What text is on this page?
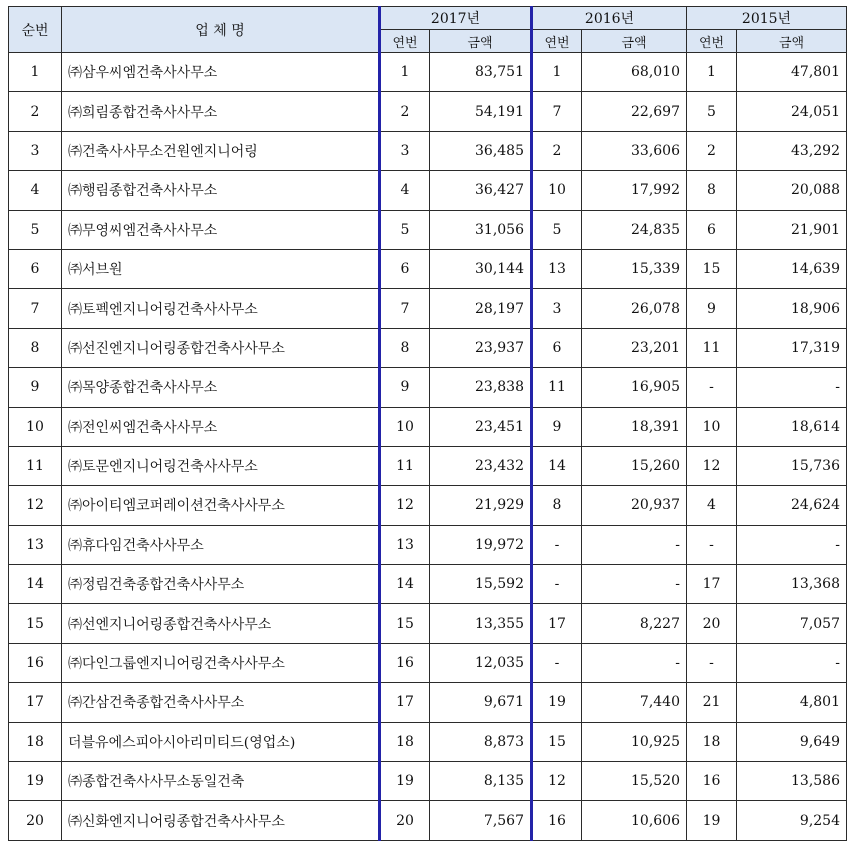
순번	업 체 명	2017년		2016년		2015년	
		연번	금액	연번	금액	연번	금액
1	㈜삼우씨엠건축사사무소	1	83,751	1	68,010	1	47,801
2	㈜희림종합건축사사무소	2	54,191	7	22,697	5	24,051
3	㈜건축사사무소건원엔지니어링	3	36,485	2	33,606	2	43,292
4	㈜행림종합건축사사무소	4	36,427	10	17,992	8	20,088
5	㈜무영씨엠건축사사무소	5	31,056	5	24,835	6	21,901
6	㈜서브원	6	30,144	13	15,339	15	14,639
7	㈜토펙엔지니어링건축사사무소	7	28,197	3	26,078	9	18,906
8	㈜선진엔지니어링종합건축사사무소	8	23,937	6	23,201	11	17,319
9	㈜목양종합건축사사무소	9	23,838	11	16,905	-	-
10	㈜전인씨엠건축사사무소	10	23,451	9	18,391	10	18,614
11	㈜토문엔지니어링건축사사무소	11	23,432	14	15,260	12	15,736
12	㈜아이티엠코퍼레이션건축사사무소	12	21,929	8	20,937	4	24,624
13	㈜휴다임건축사사무소	13	19,972	-	-	-	-
14	㈜정림건축종합건축사사무소	14	15,592	-	-	17	13,368
15	㈜선엔지니어링종합건축사사무소	15	13,355	17	8,227	20	7,057
16	㈜다인그룹엔지니어링건축사사무소	16	12,035	-	-	-	-
17	㈜간삼건축종합건축사사무소	17	9,671	19	7,440	21	4,801
18	더블유에스피아시아리미티드(영업소)	18	8,873	15	10,925	18	9,649
19	㈜종합건축사사무소동일건축	19	8,135	12	15,520	16	13,586
20	㈜신화엔지니어링종합건축사사무소	20	7,567	16	10,606	19	9,254
